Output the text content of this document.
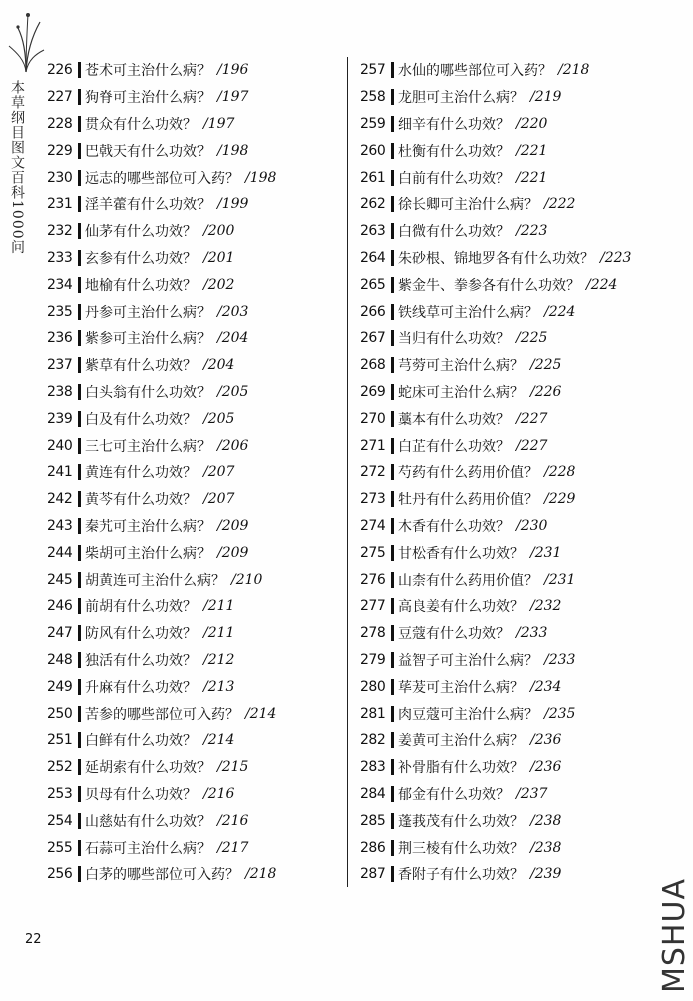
本草纲目图文百科1000问
226 苍术可主治什么病？ /196
227 狗脊可主治什么病？ /197
228 贯众有什么功效？ /197
229 巴戟天有什么功效？ /198
230 远志的哪些部位可入药？ /198
231 淫羊藿有什么功效？ /199
232 仙茅有什么功效？ /200
233 玄参有什么功效？ /201
234 地榆有什么功效？ /202
235 丹参可主治什么病？ /203
236 紫参可主治什么病？ /204
237 紫草有什么功效？ /204
238 白头翁有什么功效？ /205
239 白及有什么功效？ /205
240 三七可主治什么病？ /206
241 黄连有什么功效？ /207
242 黄芩有什么功效？ /207
243 秦艽可主治什么病？ /209
244 柴胡可主治什么病？ /209
245 胡黄连可主治什么病？ /210
246 前胡有什么功效？ /211
247 防风有什么功效？ /211
248 独活有什么功效？ /212
249 升麻有什么功效？ /213
250 苦参的哪些部位可入药？ /214
251 白鲜有什么功效？ /214
252 延胡索有什么功效？ /215
253 贝母有什么功效？ /216
254 山慈姑有什么功效？ /216
255 石蒜可主治什么病？ /217
256 白茅的哪些部位可入药？ /218
257 水仙的哪些部位可入药？ /218
258 龙胆可主治什么病？ /219
259 细辛有什么功效？ /220
260 杜衡有什么功效？ /221
261 白前有什么功效？ /221
262 徐长卿可主治什么病？ /222
263 白微有什么功效？ /223
264 朱砂根、锦地罗各有什么功效？ /223
265 紫金牛、拳参各有什么功效？ /224
266 铁线草可主治什么病？ /224
267 当归有什么功效？ /225
268 芎䓖可主治什么病？ /225
269 蛇床可主治什么病？ /226
270 藁本有什么功效？ /227
271 白芷有什么功效？ /227
272 芍药有什么药用价值？ /228
273 牡丹有什么药用价值？ /229
274 木香有什么功效？ /230
275 甘松香有什么功效？ /231
276 山柰有什么药用价值？ /231
277 高良姜有什么功效？ /232
278 豆蔻有什么功效？ /233
279 益智子可主治什么病？ /233
280 荜茇可主治什么病？ /234
281 肉豆蔻可主治什么病？ /235
282 姜黄可主治什么病？ /236
283 补骨脂有什么功效？ /236
284 郁金有什么功效？ /237
285 蓬莪茂有什么功效？ /238
286 荆三棱有什么功效？ /238
287 香附子有什么功效？ /239
22	MSHUA
